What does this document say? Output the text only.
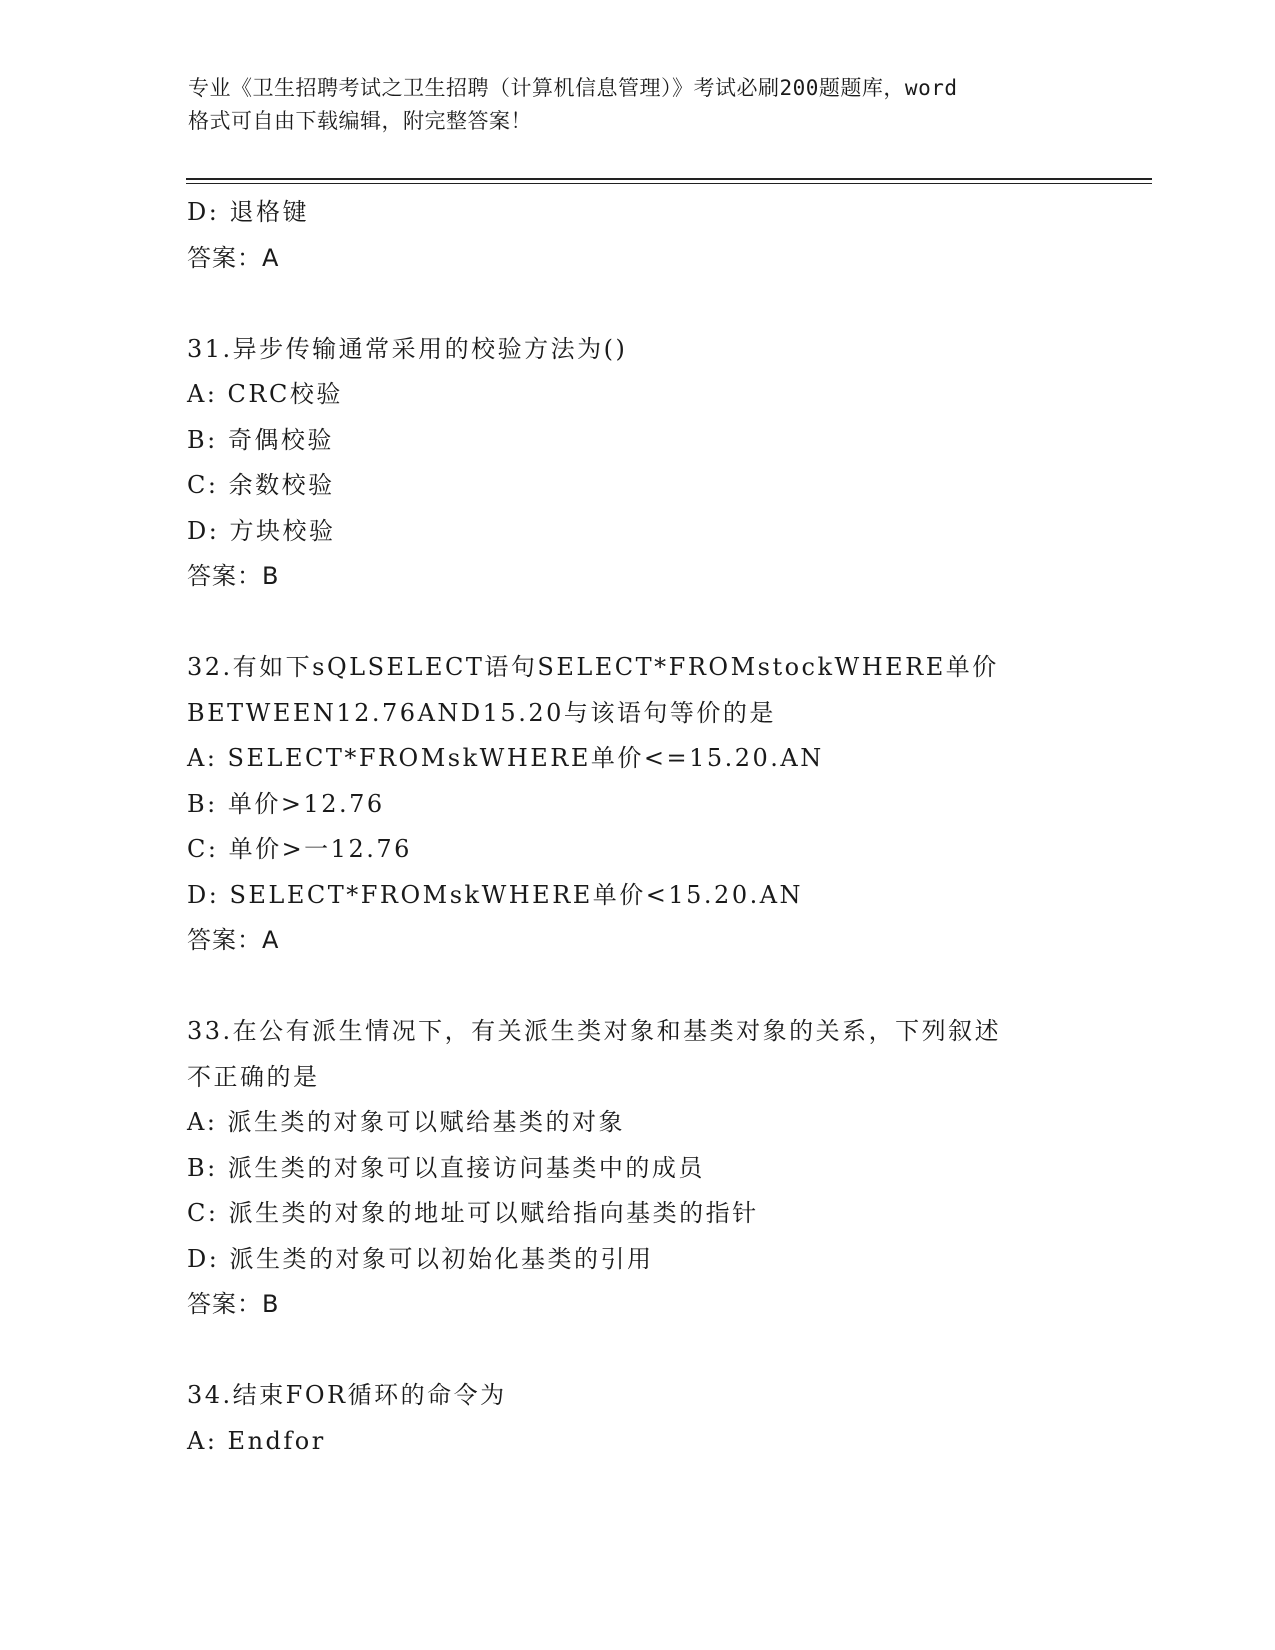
专业《卫生招聘考试之卫生招聘（计算机信息管理）》考试必刷200题题库，word
格式可自由下载编辑，附完整答案！
D: 退格键
答案：A
31.异步传输通常采用的校验方法为()
A: CRC校验
B: 奇偶校验
C: 余数校验
D: 方块校验
答案：B
32.有如下sQLSELECT语句SELECT*FROMstockWHERE单价
BETWEEN12.76AND15.20与该语句等价的是
A: SELECT*FROMskWHERE单价<=15.20.AN
B: 单价>12.76
C: 单价>一12.76
D: SELECT*FROMskWHERE单价<15.20.AN
答案：A
33.在公有派生情况下，有关派生类对象和基类对象的关系，下列叙述
不正确的是
A: 派生类的对象可以赋给基类的对象
B: 派生类的对象可以直接访问基类中的成员
C: 派生类的对象的地址可以赋给指向基类的指针
D: 派生类的对象可以初始化基类的引用
答案：B
34.结束FOR循环的命令为
A: Endfor
